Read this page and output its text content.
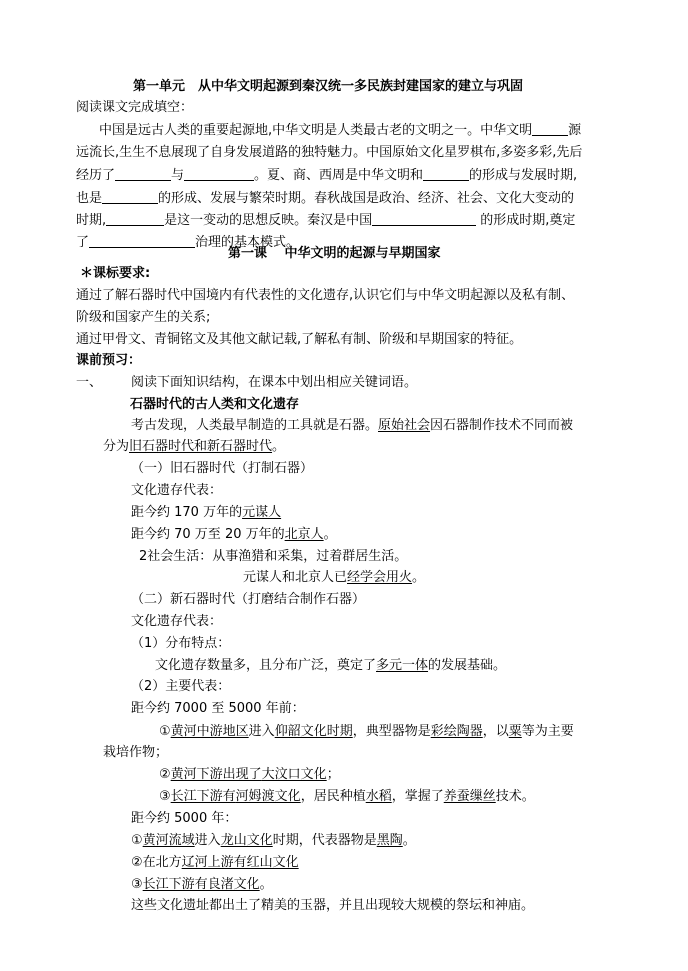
第一单元　从中华文明起源到秦汉统一多民族封建国家的建立与巩固
阅读课文完成填空：
中国是远古人类的重要起源地,中华文明是人类最古老的文明之一。中华文明	源
远流长,生生不息展现了自身发展道路的独特魅力。中国原始文化星罗棋布,多姿多彩,先后
经历了	与	。夏、商、西周是中华文明和	的形成与发展时期,
也是	的形成、发展与繁荣时期。春秋战国是政治、经济、社会、文化大变动的
时期,	是这一变动的思想反映。秦汉是中国	的形成时期,奠定
了	治理的基本模式。
第一课　 中华文明的起源与早期国家
＊课标要求:
通过了解石器时代中国境内有代表性的文化遗存,认识它们与中华文明起源以及私有制、
阶级和国家产生的关系;
通过甲骨文、青铜铭文及其他文献记载,了解私有制、阶级和早期国家的特征。
课前预习：
一、 阅读下面知识结构，在课本中划出相应关键词语。
石器时代的古人类和文化遗存
考古发现，人类最早制造的工具就是石器。原始社会因石器制作技术不同而被
分为旧石器时代和新石器时代。
（一）旧石器时代（打制石器）
文化遗存代表：
距今约 170 万年的元谋人
距今约 70 万至 20 万年的北京人。
2社会生活：从事渔猎和采集，过着群居生活。
元谋人和北京人已经学会用火。
（二）新石器时代（打磨结合制作石器）
文化遗存代表：
（1）分布特点：
文化遗存数量多，且分布广泛，奠定了多元一体的发展基础。
（2）主要代表：
距今约 7000 至 5000 年前：
①黄河中游地区进入仰韶文化时期，典型器物是彩绘陶器，以粟等为主要
栽培作物；
②黄河下游出现了大汶口文化；
③长江下游有河姆渡文化，居民种植水稻，掌握了养蚕缫丝技术。
距今约 5000 年：
①黄河流域进入龙山文化时期，代表器物是黑陶。
②在北方辽河上游有红山文化
③长江下游有良渚文化。
这些文化遗址都出土了精美的玉器，并且出现较大规模的祭坛和神庙。
